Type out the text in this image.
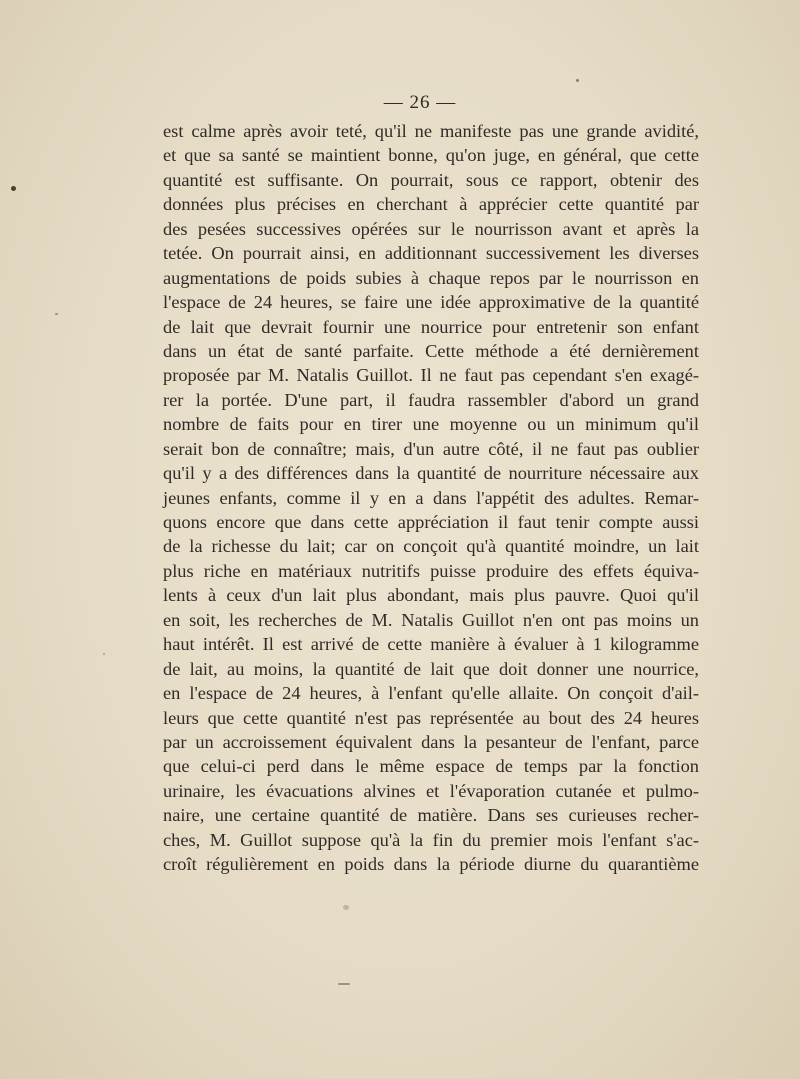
— 26 —
est calme après avoir teté, qu'il ne manifeste pas une grande avidité,
et que sa santé se maintient bonne, qu'on juge, en général, que cette
quantité est suffisante. On pourrait, sous ce rapport, obtenir des
données plus précises en cherchant à apprécier cette quantité par
des pesées successives opérées sur le nourrisson avant et après la
tetée. On pourrait ainsi, en additionnant successivement les diverses
augmentations de poids subies à chaque repos par le nourrisson en
l'espace de 24 heures, se faire une idée approximative de la quantité
de lait que devrait fournir une nourrice pour entretenir son enfant
dans un état de santé parfaite. Cette méthode a été dernièrement
proposée par M. Natalis Guillot. Il ne faut pas cependant s'en exagé-
rer la portée. D'une part, il faudra rassembler d'abord un grand
nombre de faits pour en tirer une moyenne ou un minimum qu'il
serait bon de connaître; mais, d'un autre côté, il ne faut pas oublier
qu'il y a des différences dans la quantité de nourriture nécessaire aux
jeunes enfants, comme il y en a dans l'appétit des adultes. Remar-
quons encore que dans cette appréciation il faut tenir compte aussi
de la richesse du lait; car on conçoit qu'à quantité moindre, un lait
plus riche en matériaux nutritifs puisse produire des effets équiva-
lents à ceux d'un lait plus abondant, mais plus pauvre. Quoi qu'il
en soit, les recherches de M. Natalis Guillot n'en ont pas moins un
haut intérêt. Il est arrivé de cette manière à évaluer à 1 kilogramme
de lait, au moins, la quantité de lait que doit donner une nourrice,
en l'espace de 24 heures, à l'enfant qu'elle allaite. On conçoit d'ail-
leurs que cette quantité n'est pas représentée au bout des 24 heures
par un accroissement équivalent dans la pesanteur de l'enfant, parce
que celui-ci perd dans le même espace de temps par la fonction
urinaire, les évacuations alvines et l'évaporation cutanée et pulmo-
naire, une certaine quantité de matière. Dans ses curieuses recher-
ches, M. Guillot suppose qu'à la fin du premier mois l'enfant s'ac-
croît régulièrement en poids dans la période diurne du quarantième
